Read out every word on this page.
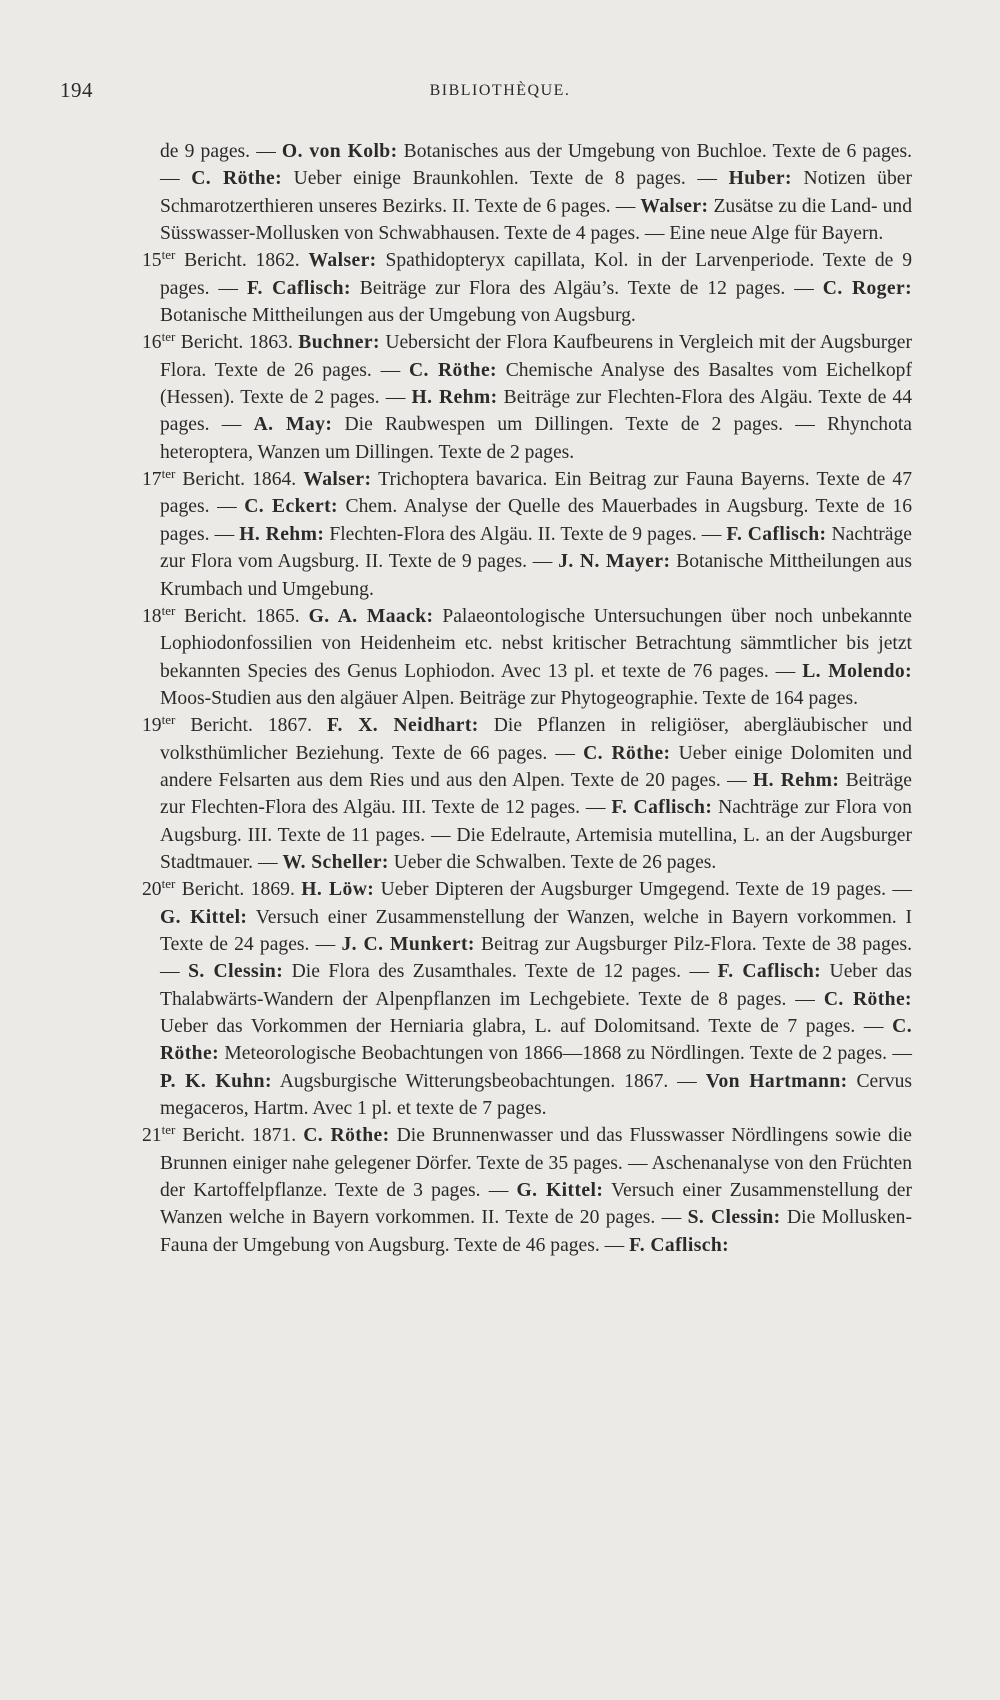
194	BIBLIOTHÈQUE.

de 9 pages. — O. von Kolb: Botanisches aus der Umgebung von Buchloe. Texte de 6 pages. — C. Röthe: Ueber einige Braunkohlen. Texte de 8 pages. — Huber: Notizen über Schmarotzerthieren unseres Bezirks. II. Texte de 6 pages. — Walser: Zusätse zu die Land- und Süsswasser-Mollusken von Schwabhausen. Texte de 4 pages. — Eine neue Alge für Bayern.

$15^{ter}$ Bericht. 1862. Walser: Spathidopteryx capillata, Kol. in der Larvenperiode. Texte de 9 pages. — F. Caflisch: Beiträge zur Flora des Algäu’s. Texte de 12 pages. — C. Roger: Botanische Mittheilungen aus der Umgebung von Augsburg.

$16^{ter}$ Bericht. 1863. Buchner: Uebersicht der Flora Kaufbeurens in Vergleich mit der Augsburger Flora. Texte de 26 pages. — C. Röthe: Chemische Analyse des Basaltes vom Eichelkopf (Hessen). Texte de 2 pages. — H. Rehm: Beiträge zur Flechten-Flora des Algäu. Texte de 44 pages. — A. May: Die Raubwespen um Dillingen. Texte de 2 pages. — Rhynchota heteroptera, Wanzen um Dillingen. Texte de 2 pages.

$17^{ter}$ Bericht. 1864. Walser: Trichoptera bavarica. Ein Beitrag zur Fauna Bayerns. Texte de 47 pages. — C. Eckert: Chem. Analyse der Quelle des Mauerbades in Augsburg. Texte de 16 pages. — H. Rehm: Flechten-Flora des Algäu. II. Texte de 9 pages. — F. Caflisch: Nachträge zur Flora vom Augsburg. II. Texte de 9 pages. — J. N. Mayer: Botanische Mittheilungen aus Krumbach und Umgebung.

$18^{ter}$ Bericht. 1865. G. A. Maack: Palaeontologische Untersuchungen über noch unbekannte Lophiodonfossilien von Heidenheim etc. nebst kritischer Betrachtung sämmtlicher bis jetzt bekannten Species des Genus Lophiodon. Avec 13 pl. et texte de 76 pages. — L. Molendo: Moos-Studien aus den algäuer Alpen. Beiträge zur Phytogeographie. Texte de 164 pages.

$19^{ter}$ Bericht. 1867. F. X. Neidhart: Die Pflanzen in religiöser, abergläubischer und volksthümlicher Beziehung. Texte de 66 pages. — C. Röthe: Ueber einige Dolomiten und andere Felsarten aus dem Ries und aus den Alpen. Texte de 20 pages. — H. Rehm: Beiträge zur Flechten-Flora des Algäu. III. Texte de 12 pages. — F. Caflisch: Nachträge zur Flora von Augsburg. III. Texte de 11 pages. — Die Edelraute, Artemisia mutellina, L. an der Augsburger Stadtmauer. — W. Scheller: Ueber die Schwalben. Texte de 26 pages.

$20^{ter}$ Bericht. 1869. H. Löw: Ueber Dipteren der Augsburger Umgegend. Texte de 19 pages. — G. Kittel: Versuch einer Zusammenstellung der Wanzen, welche in Bayern vorkommen. I Texte de 24 pages. — J. C. Munkert: Beitrag zur Augsburger Pilz-Flora. Texte de 38 pages. — S. Clessin: Die Flora des Zusamthales. Texte de 12 pages. — F. Caflisch: Ueber das Thalabwärts-Wandern der Alpenpflanzen im Lechgebiete. Texte de 8 pages. — C. Röthe: Ueber das Vorkommen der Herniaria glabra, L. auf Dolomitsand. Texte de 7 pages. — C. Röthe: Meteorologische Beobachtungen von 1866—1868 zu Nördlingen. Texte de 2 pages. — P. K. Kuhn: Augsburgische Witterungsbeobachtungen. 1867. — Von Hartmann: Cervus megaceros, Hartm. Avec 1 pl. et texte de 7 pages.

$21^{ter}$ Bericht. 1871. C. Röthe: Die Brunnenwasser und das Flusswasser Nördlingens sowie die Brunnen einiger nahe gelegener Dörfer. Texte de 35 pages. — Aschenanalyse von den Früchten der Kartoffelpflanze. Texte de 3 pages. — G. Kittel: Versuch einer Zusammenstellung der Wanzen welche in Bayern vorkommen. II. Texte de 20 pages. — S. Clessin: Die Mollusken-Fauna der Umgebung von Augsburg. Texte de 46 pages. — F. Caflisch:
